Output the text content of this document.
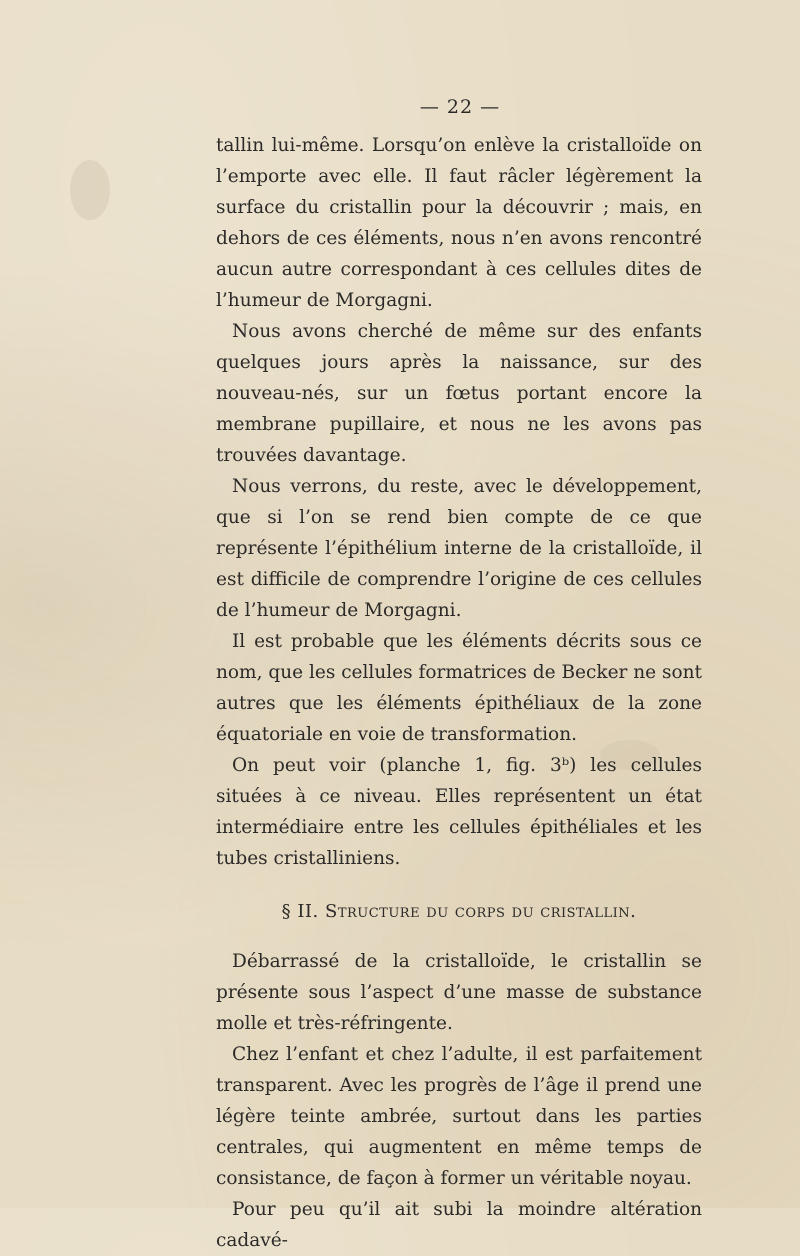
— 22 —

tallin lui-même. Lorsqu’on enlève la cristalloïde on l’emporte avec elle. Il faut râcler légèrement la surface du cristallin pour la découvrir ; mais, en dehors de ces éléments, nous n’en avons rencontré aucun autre correspondant à ces cellules dites de l’humeur de Morgagni.

Nous avons cherché de même sur des enfants quelques jours après la naissance, sur des nouveau-nés, sur un fœtus portant encore la membrane pupillaire, et nous ne les avons pas trouvées davantage.

Nous verrons, du reste, avec le développement, que si l’on se rend bien compte de ce que représente l’épithélium interne de la cristalloïde, il est difficile de comprendre l’origine de ces cellules de l’humeur de Morgagni.

Il est probable que les éléments décrits sous ce nom, que les cellules formatrices de Becker ne sont autres que les éléments épithéliaux de la zone équatoriale en voie de transformation.

On peut voir (planche 1, fig. 3ᵇ) les cellules situées à ce niveau. Elles représentent un état intermédiaire entre les cellules épithéliales et les tubes cristalliniens.

§ II. Structure du corps du cristallin.

Débarrassé de la cristalloïde, le cristallin se présente sous l’aspect d’une masse de substance molle et très-réfringente.

Chez l’enfant et chez l’adulte, il est parfaitement transparent. Avec les progrès de l’âge il prend une légère teinte ambrée, surtout dans les parties centrales, qui augmentent en même temps de consistance, de façon à former un véritable noyau.

Pour peu qu’il ait subi la moindre altération cadavé-
